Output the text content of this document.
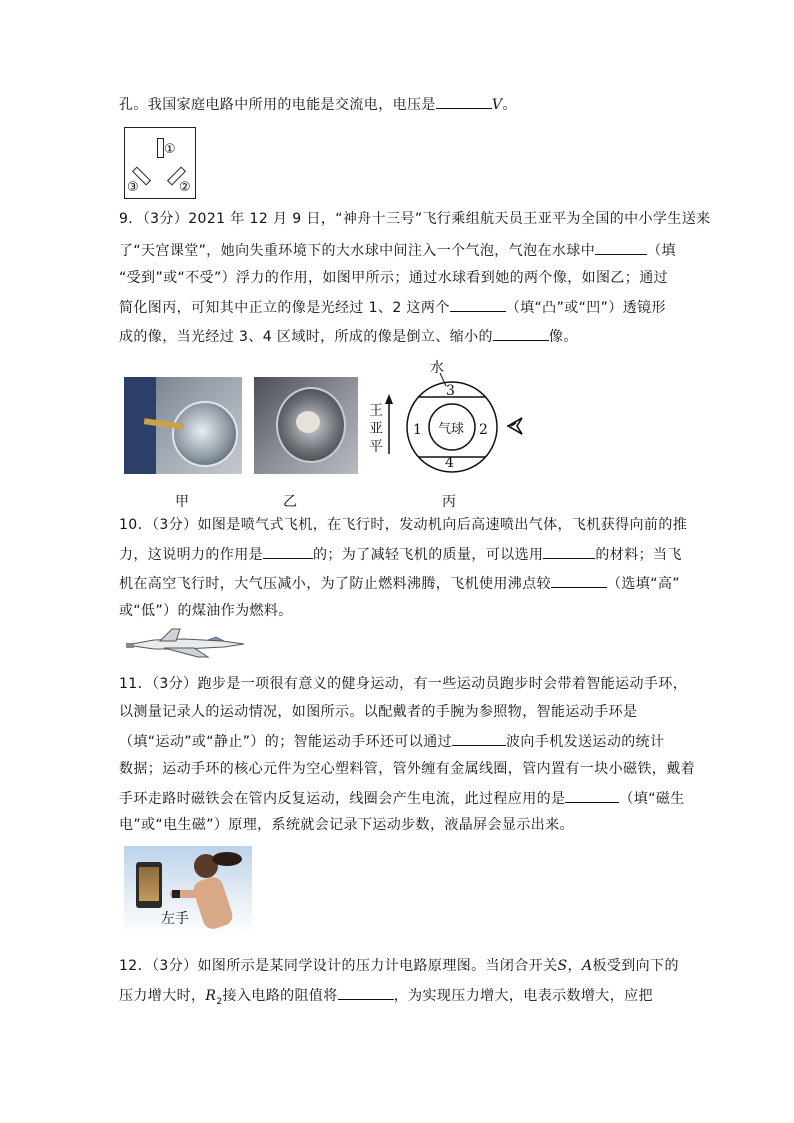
孔。我国家庭电路中所用的电能是交流电，电压是	V。
①
③	②
9．（3分）2021 年 12 月 9 日，“神舟十三号”飞行乘组航天员王亚平为全国的中小学生送来
了“天宫课堂”，她向失重环境下的大水球中间注入一个气泡，气泡在水球中	（填
“受到”或“不受”）浮力的作用，如图甲所示；通过水球看到她的两个像，如图乙；通过
简化图丙，可知其中正立的像是光经过 1、2 这两个	（填“凸”或“凹”）透镜形
成的像，当光经过 3、4 区域时，所成的像是倒立、缩小的	像。
水
王亚平
3
1 气球 2
4
甲	乙	丙
10．（3分）如图是喷气式飞机，在飞行时，发动机向后高速喷出气体，飞机获得向前的推
力，这说明力的作用是	的；为了减轻飞机的质量，可以选用	的材料；当飞
机在高空飞行时，大气压减小，为了防止燃料沸腾，飞机使用沸点较	（选填“高”
或“低”）的煤油作为燃料。
11．（3分）跑步是一项很有意义的健身运动，有一些运动员跑步时会带着智能运动手环，
以测量记录人的运动情况，如图所示。以配戴者的手腕为参照物，智能运动手环是
（填“运动”或“静止”）的；智能运动手环还可以通过	波向手机发送运动的统计
数据；运动手环的核心元件为空心塑料管，管外缠有金属线圈，管内置有一块小磁铁，戴着
手环走路时磁铁会在管内反复运动，线圈会产生电流，此过程应用的是	（填“磁生
电”或“电生磁”）原理，系统就会记录下运动步数，液晶屏会显示出来。
左手
12．（3分）如图所示是某同学设计的压力计电路原理图。当闭合开关S，A板受到向下的
压力增大时，$R_2$接入电路的阻值将	，为实现压力增大，电表示数增大，应把
